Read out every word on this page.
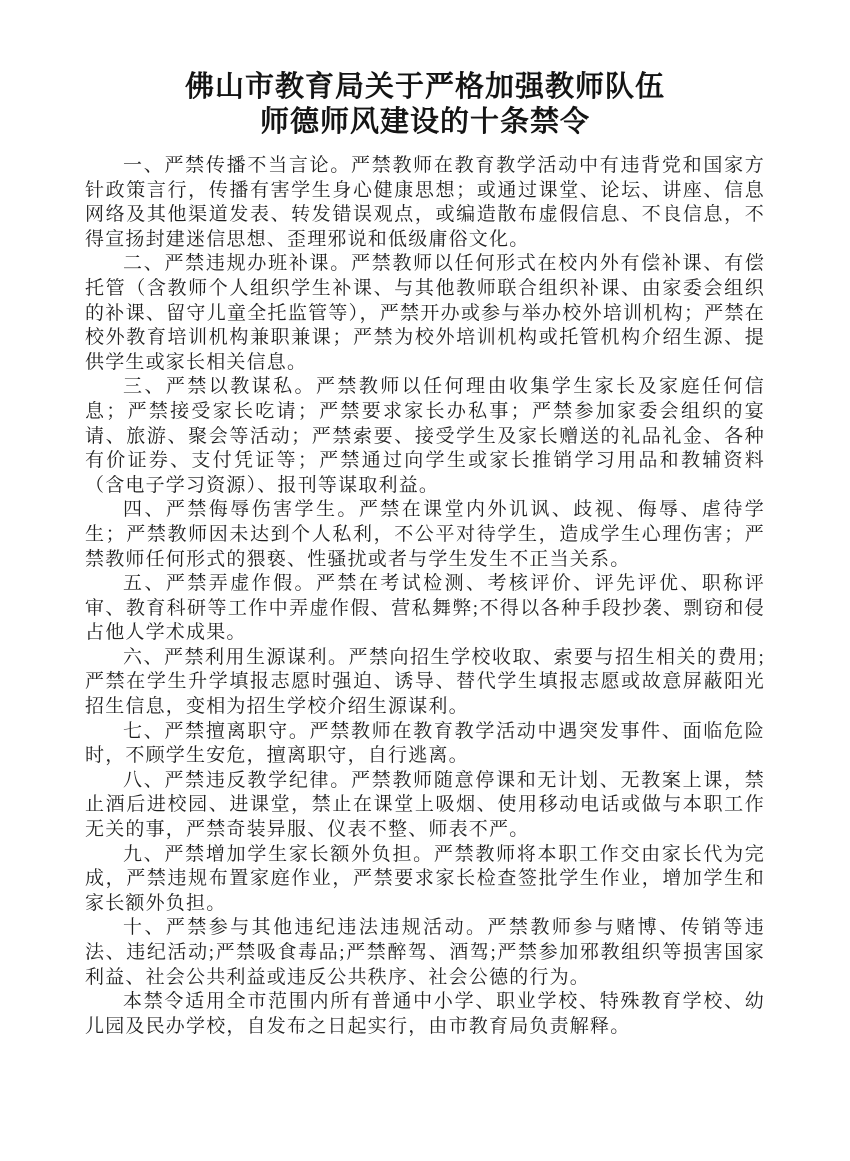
佛山市教育局关于严格加强教师队伍
师德师风建设的十条禁令

一、严禁传播不当言论。严禁教师在教育教学活动中有违背党和国家方针政策言行，传播有害学生身心健康思想；或通过课堂、论坛、讲座、信息网络及其他渠道发表、转发错误观点，或编造散布虚假信息、不良信息，不得宣扬封建迷信思想、歪理邪说和低级庸俗文化。

二、严禁违规办班补课。严禁教师以任何形式在校内外有偿补课、有偿托管（含教师个人组织学生补课、与其他教师联合组织补课、由家委会组织的补课、留守儿童全托监管等），严禁开办或参与举办校外培训机构；严禁在校外教育培训机构兼职兼课；严禁为校外培训机构或托管机构介绍生源、提供学生或家长相关信息。

三、严禁以教谋私。严禁教师以任何理由收集学生家长及家庭任何信息；严禁接受家长吃请；严禁要求家长办私事；严禁参加家委会组织的宴请、旅游、聚会等活动；严禁索要、接受学生及家长赠送的礼品礼金、各种有价证券、支付凭证等；严禁通过向学生或家长推销学习用品和教辅资料（含电子学习资源）、报刊等谋取利益。

四、严禁侮辱伤害学生。严禁在课堂内外讥讽、歧视、侮辱、虐待学生；严禁教师因未达到个人私利，不公平对待学生，造成学生心理伤害；严禁教师任何形式的猥亵、性骚扰或者与学生发生不正当关系。

五、严禁弄虚作假。严禁在考试检测、考核评价、评先评优、职称评审、教育科研等工作中弄虚作假、营私舞弊;不得以各种手段抄袭、剽窃和侵占他人学术成果。

六、严禁利用生源谋利。严禁向招生学校收取、索要与招生相关的费用;严禁在学生升学填报志愿时强迫、诱导、替代学生填报志愿或故意屏蔽阳光招生信息，变相为招生学校介绍生源谋利。

七、严禁擅离职守。严禁教师在教育教学活动中遇突发事件、面临危险时，不顾学生安危，擅离职守，自行逃离。

八、严禁违反教学纪律。严禁教师随意停课和无计划、无教案上课，禁止酒后进校园、进课堂，禁止在课堂上吸烟、使用移动电话或做与本职工作无关的事，严禁奇装异服、仪表不整、师表不严。

九、严禁增加学生家长额外负担。严禁教师将本职工作交由家长代为完成，严禁违规布置家庭作业，严禁要求家长检查签批学生作业，增加学生和家长额外负担。

十、严禁参与其他违纪违法违规活动。严禁教师参与赌博、传销等违法、违纪活动;严禁吸食毒品;严禁醉驾、酒驾;严禁参加邪教组织等损害国家利益、社会公共利益或违反公共秩序、社会公德的行为。

本禁令适用全市范围内所有普通中小学、职业学校、特殊教育学校、幼儿园及民办学校，自发布之日起实行，由市教育局负责解释。
